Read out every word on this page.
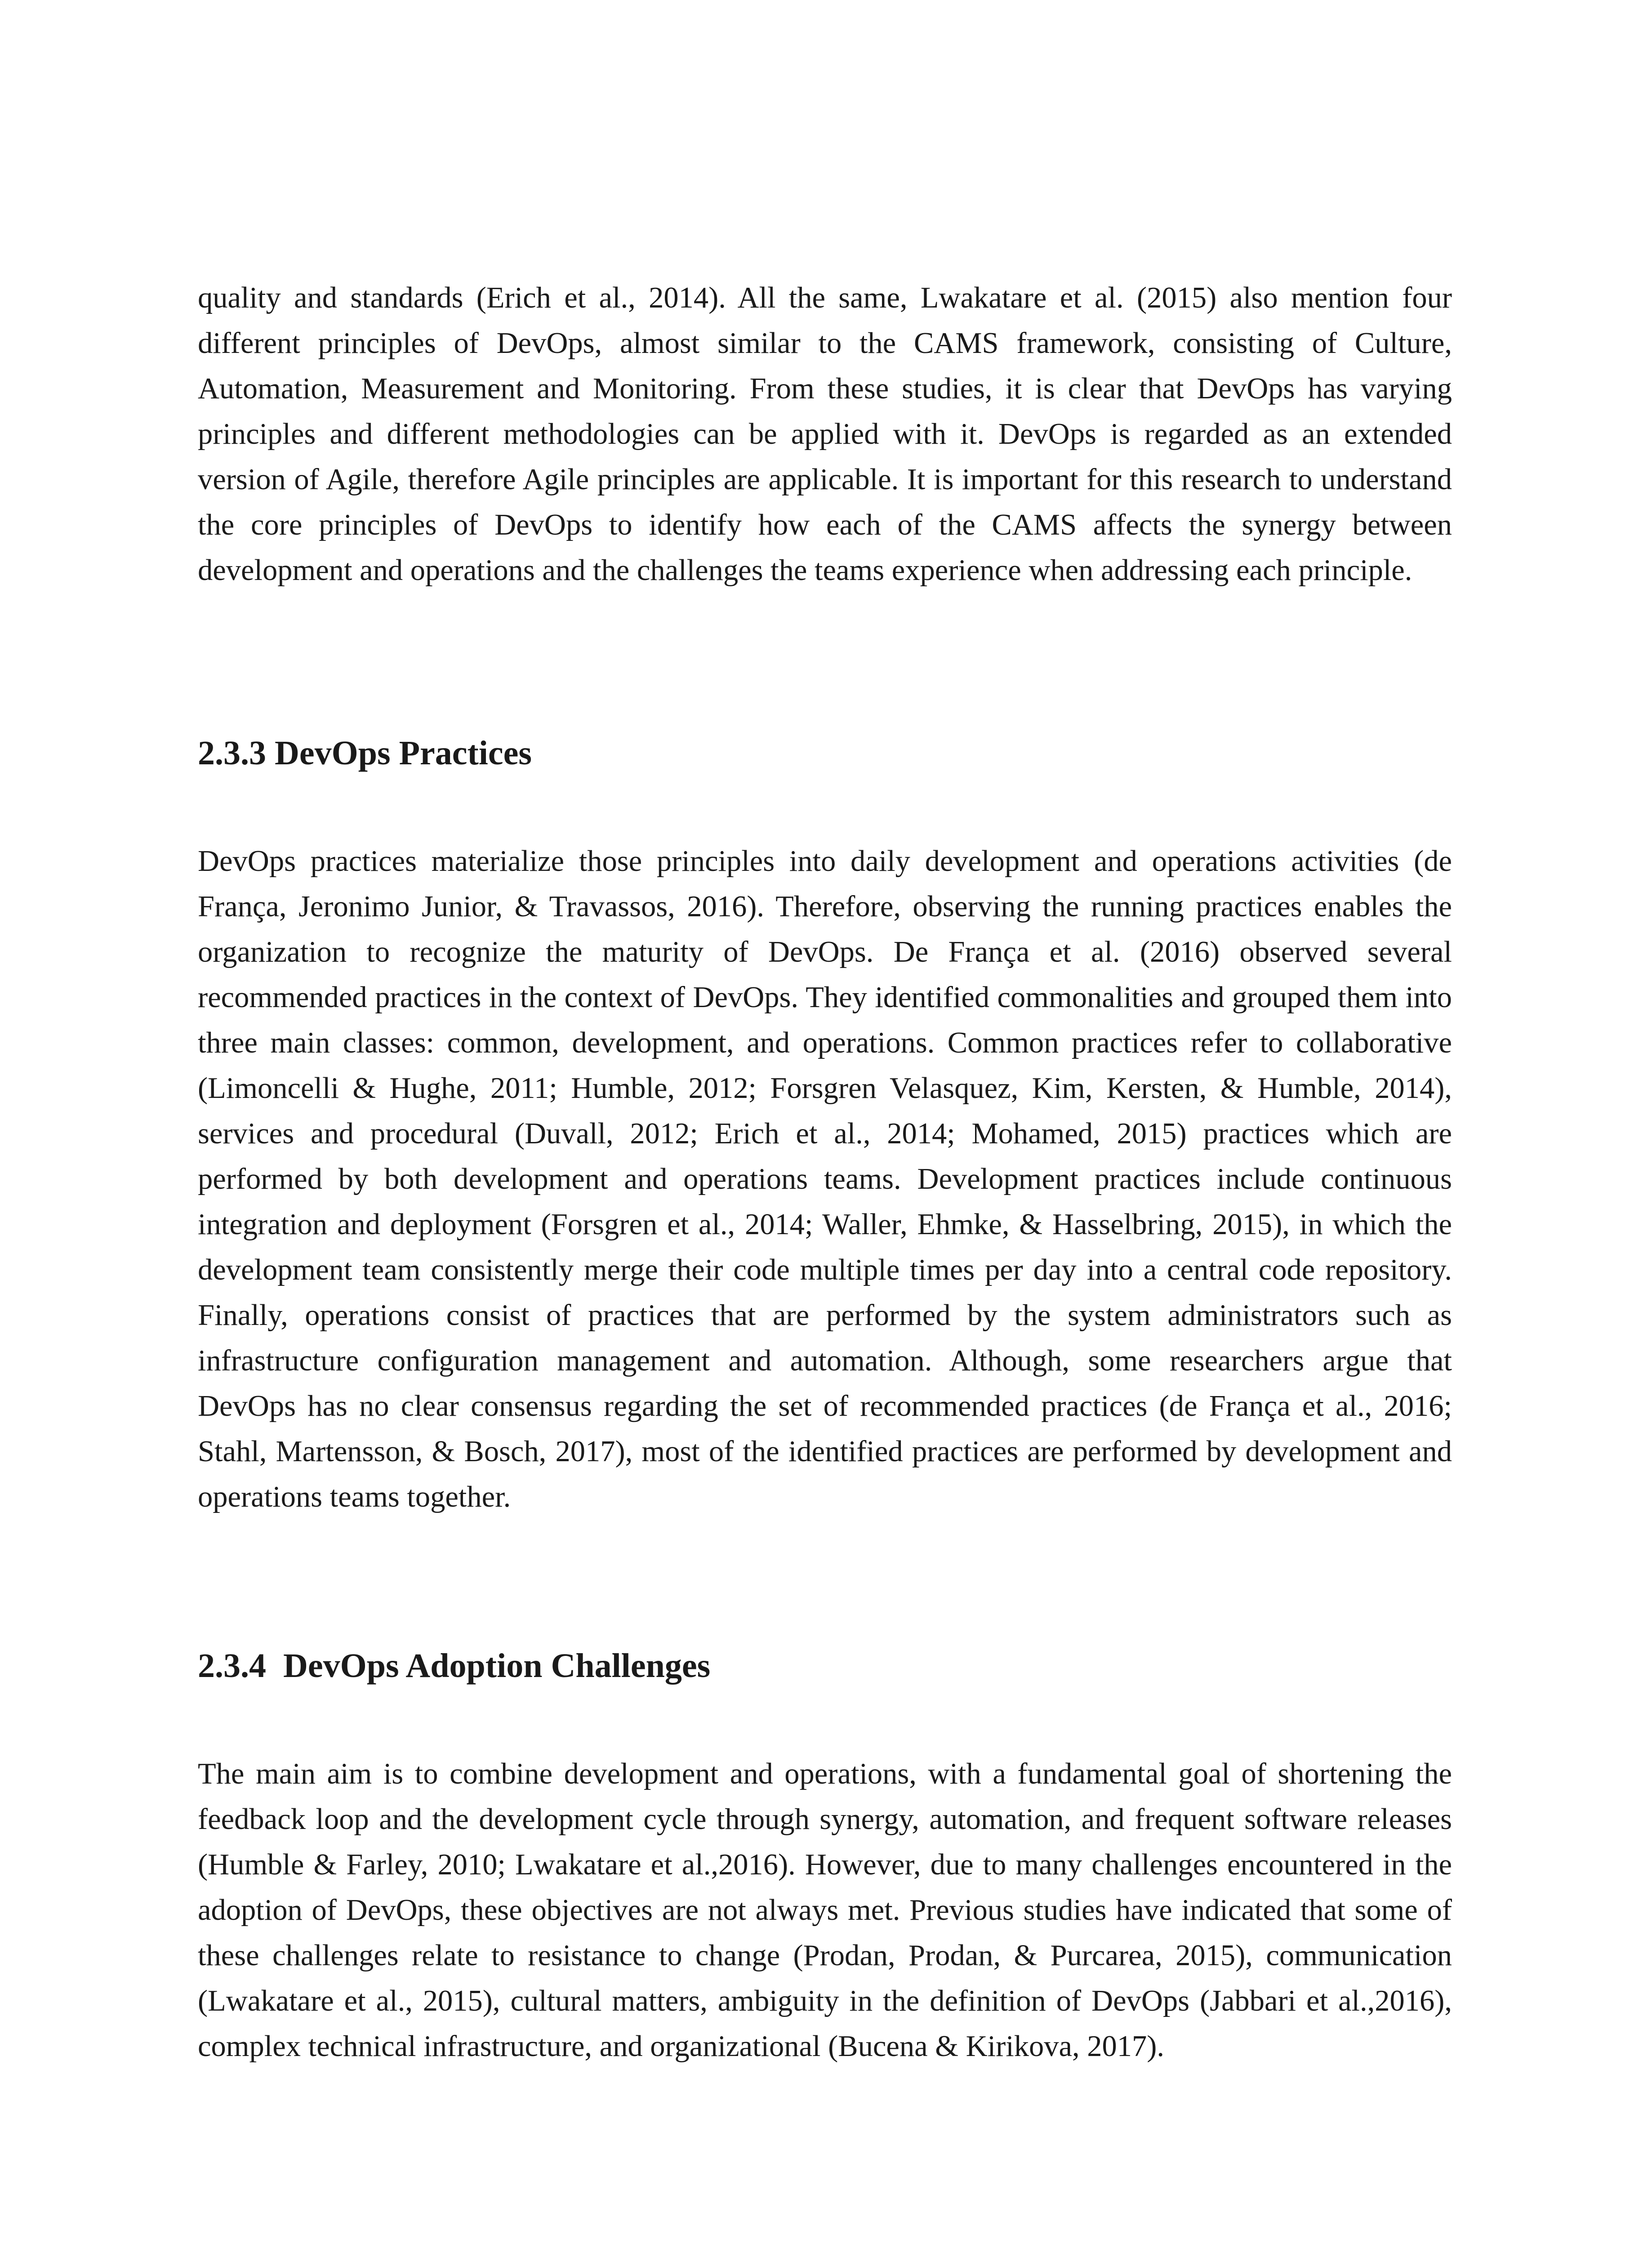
quality and standards (Erich et al., 2014). All the same, Lwakatare et al. (2015) also mention four different principles of DevOps, almost similar to the CAMS framework, consisting of Culture, Automation, Measurement and Monitoring. From these studies, it is clear that DevOps has varying principles and different methodologies can be applied with it. DevOps is regarded as an extended version of Agile, therefore Agile principles are applicable. It is important for this research to understand the core principles of DevOps to identify how each of the CAMS affects the synergy between development and operations and the challenges the teams experience when addressing each principle.

2.3.3 DevOps Practices

DevOps practices materialize those principles into daily development and operations activities (de França, Jeronimo Junior, & Travassos, 2016). Therefore, observing the running practices enables the organization to recognize the maturity of DevOps. De França et al. (2016) observed several recommended practices in the context of DevOps. They identified commonalities and grouped them into three main classes: common, development, and operations. Common practices refer to collaborative (Limoncelli & Hughe, 2011; Humble, 2012; Forsgren Velasquez, Kim, Kersten, & Humble, 2014), services and procedural (Duvall, 2012; Erich et al., 2014; Mohamed, 2015) practices which are performed by both development and operations teams. Development practices include continuous integration and deployment (Forsgren et al., 2014; Waller, Ehmke, & Hasselbring, 2015), in which the development team consistently merge their code multiple times per day into a central code repository. Finally, operations consist of practices that are performed by the system administrators such as infrastructure configuration management and automation. Although, some researchers argue that DevOps has no clear consensus regarding the set of recommended practices (de França et al., 2016; Stahl, Martensson, & Bosch, 2017), most of the identified practices are performed by development and operations teams together.

2.3.4  DevOps Adoption Challenges

The main aim is to combine development and operations, with a fundamental goal of shortening the feedback loop and the development cycle through synergy, automation, and frequent software releases (Humble & Farley, 2010; Lwakatare et al.,2016). However, due to many challenges encountered in the adoption of DevOps, these objectives are not always met. Previous studies have indicated that some of these challenges relate to resistance to change (Prodan, Prodan, & Purcarea, 2015), communication (Lwakatare et al., 2015), cultural matters, ambiguity in the definition of DevOps (Jabbari et al.,2016), complex technical infrastructure, and organizational (Bucena & Kirikova, 2017).
